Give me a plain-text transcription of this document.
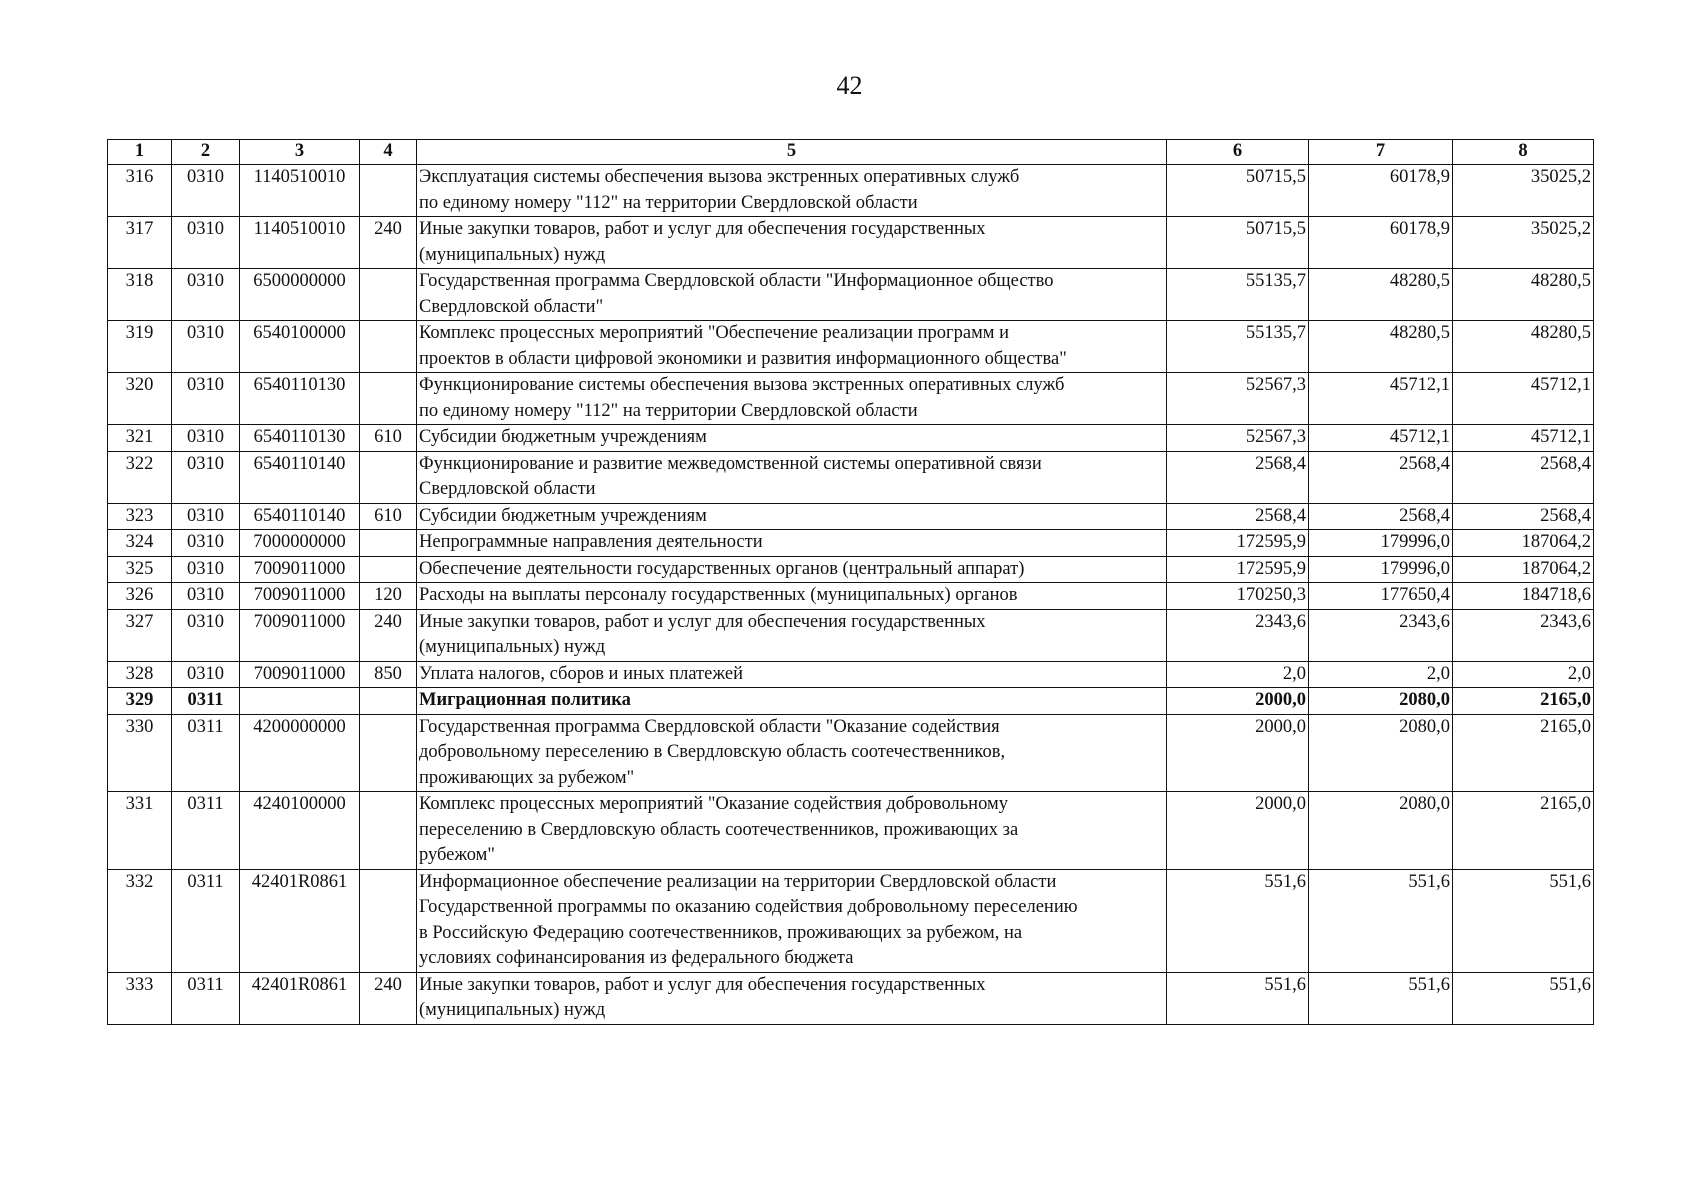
42
1	2	3	4	5	6	7	8
316	0310	1140510010		Эксплуатация системы обеспечения вызова экстренных оперативных служб
по единому номеру "112" на территории Свердловской области	50715,5	60178,9	35025,2
317	0310	1140510010	240	Иные закупки товаров, работ и услуг для обеспечения государственных
(муниципальных) нужд	50715,5	60178,9	35025,2
318	0310	6500000000		Государственная программа Свердловской области "Информационное общество
Свердловской области"	55135,7	48280,5	48280,5
319	0310	6540100000		Комплекс процессных мероприятий "Обеспечение реализации программ и
проектов в области цифровой экономики и развития информационного общества"	55135,7	48280,5	48280,5
320	0310	6540110130		Функционирование системы обеспечения вызова экстренных оперативных служб
по единому номеру "112" на территории Свердловской области	52567,3	45712,1	45712,1
321	0310	6540110130	610	Субсидии бюджетным учреждениям	52567,3	45712,1	45712,1
322	0310	6540110140		Функционирование и развитие межведомственной системы оперативной связи
Свердловской области	2568,4	2568,4	2568,4
323	0310	6540110140	610	Субсидии бюджетным учреждениям	2568,4	2568,4	2568,4
324	0310	7000000000		Непрограммные направления деятельности	172595,9	179996,0	187064,2
325	0310	7009011000		Обеспечение деятельности государственных органов (центральный аппарат)	172595,9	179996,0	187064,2
326	0310	7009011000	120	Расходы на выплаты персоналу государственных (муниципальных) органов	170250,3	177650,4	184718,6
327	0310	7009011000	240	Иные закупки товаров, работ и услуг для обеспечения государственных
(муниципальных) нужд	2343,6	2343,6	2343,6
328	0310	7009011000	850	Уплата налогов, сборов и иных платежей	2,0	2,0	2,0
329	0311			Миграционная политика	2000,0	2080,0	2165,0
330	0311	4200000000		Государственная программа Свердловской области "Оказание содействия
добровольному переселению в Свердловскую область соотечественников,
проживающих за рубежом"	2000,0	2080,0	2165,0
331	0311	4240100000		Комплекс процессных мероприятий "Оказание содействия добровольному
переселению в Свердловскую область соотечественников, проживающих за
рубежом"	2000,0	2080,0	2165,0
332	0311	42401R0861		Информационное обеспечение реализации на территории Свердловской области
Государственной программы по оказанию содействия добровольному переселению
в Российскую Федерацию соотечественников, проживающих за рубежом, на
условиях софинансирования из федерального бюджета	551,6	551,6	551,6
333	0311	42401R0861	240	Иные закупки товаров, работ и услуг для обеспечения государственных
(муниципальных) нужд	551,6	551,6	551,6
